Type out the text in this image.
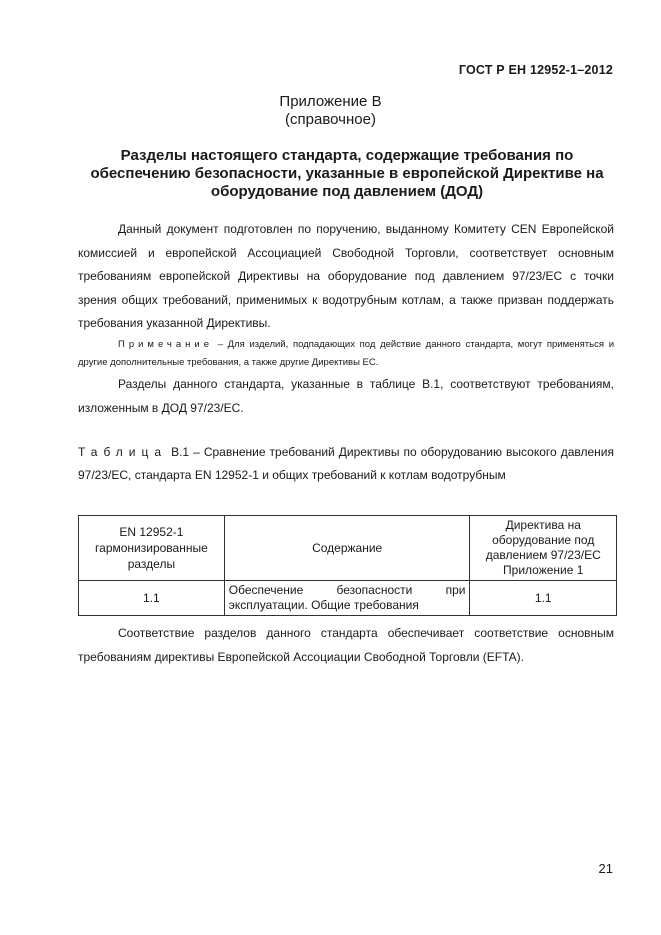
ГОСТ Р ЕН 12952-1–2012
Приложение В
(справочное)
Разделы настоящего стандарта, содержащие требования по обеспечению безопасности, указанные в европейской Директиве на оборудование под давлением (ДОД)

Данный документ подготовлен по поручению, выданному Комитету CEN Европейской комиссией и европейской Ассоциацией Свободной Торговли, соответствует основным требованиям европейской Директивы на оборудование под давлением 97/23/ЕС с точки зрения общих требований, применимых к водотрубным котлам, а также призван поддержать требования указанной Директивы.

Примечание – Для изделий, подпадающих под действие данного стандарта, могут применяться и другие дополнительные требования, а также другие Директивы ЕС.

Разделы данного стандарта, указанные в таблице В.1, соответствуют требованиям, изложенным в ДОД 97/23/ЕС.

Таблица В.1 – Сравнение требований Директивы по оборудованию высокого давления 97/23/ЕС, стандарта EN 12952-1 и общих требований к котлам водотрубным

EN 12952-1 гармонизированные разделы	Содержание	Директива на оборудование под давлением 97/23/ЕС Приложение 1
1.1	Обеспечение безопасности при эксплуатации. Общие требования	1.1

Соответствие разделов данного стандарта обеспечивает соответствие основным требованиям директивы Европейской Ассоциации Свободной Торговли (EFTA).

21
